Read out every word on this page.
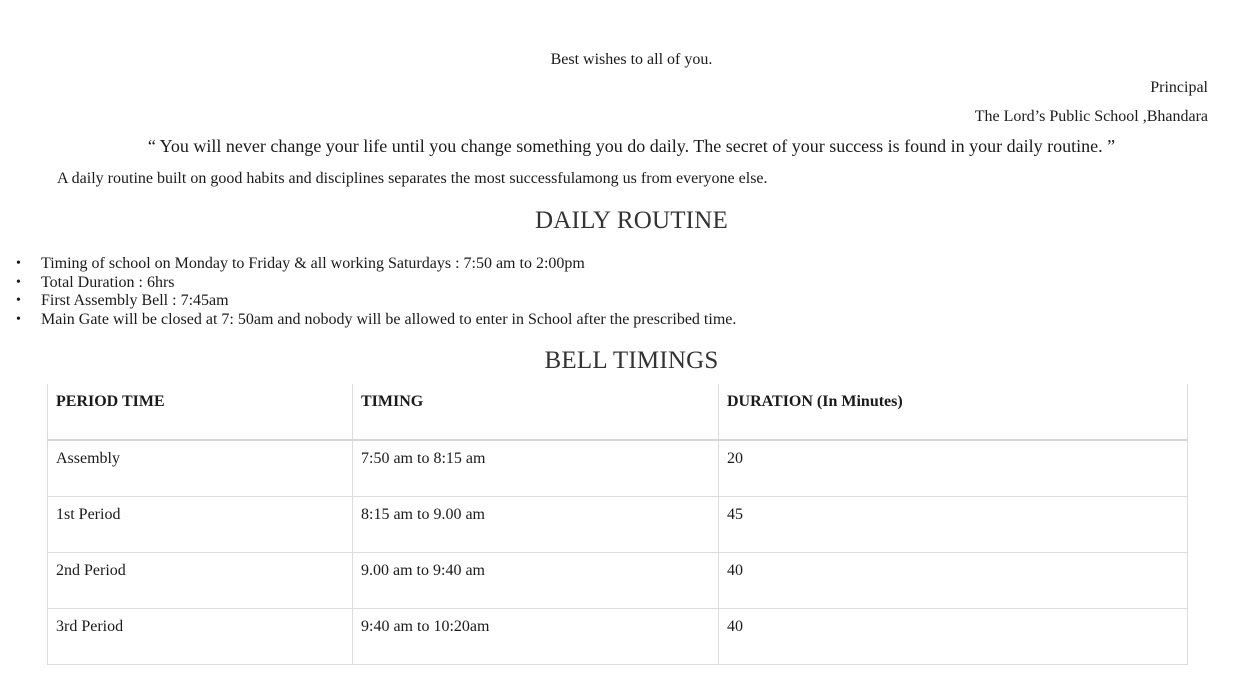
Best wishes to all of you.
Principal
The Lord’s Public School ,Bhandara
“ You will never change your life until you change something you do daily. The secret of your success is found in your daily routine. ”
A daily routine built on good habits and disciplines separates the most successfulamong us from everyone else.
DAILY ROUTINE
• Timing of school on Monday to Friday & all working Saturdays : 7:50 am to 2:00pm
• Total Duration : 6hrs
• First Assembly Bell : 7:45am
• Main Gate will be closed at 7: 50am and nobody will be allowed to enter in School after the prescribed time.
BELL TIMINGS
PERIOD TIME	TIMING	DURATION (In Minutes)
Assembly	7:50 am to 8:15 am	20
1st Period	8:15 am to 9.00 am	45
2nd Period	9.00 am to 9:40 am	40
3rd Period	9:40 am to 10:20am	40
